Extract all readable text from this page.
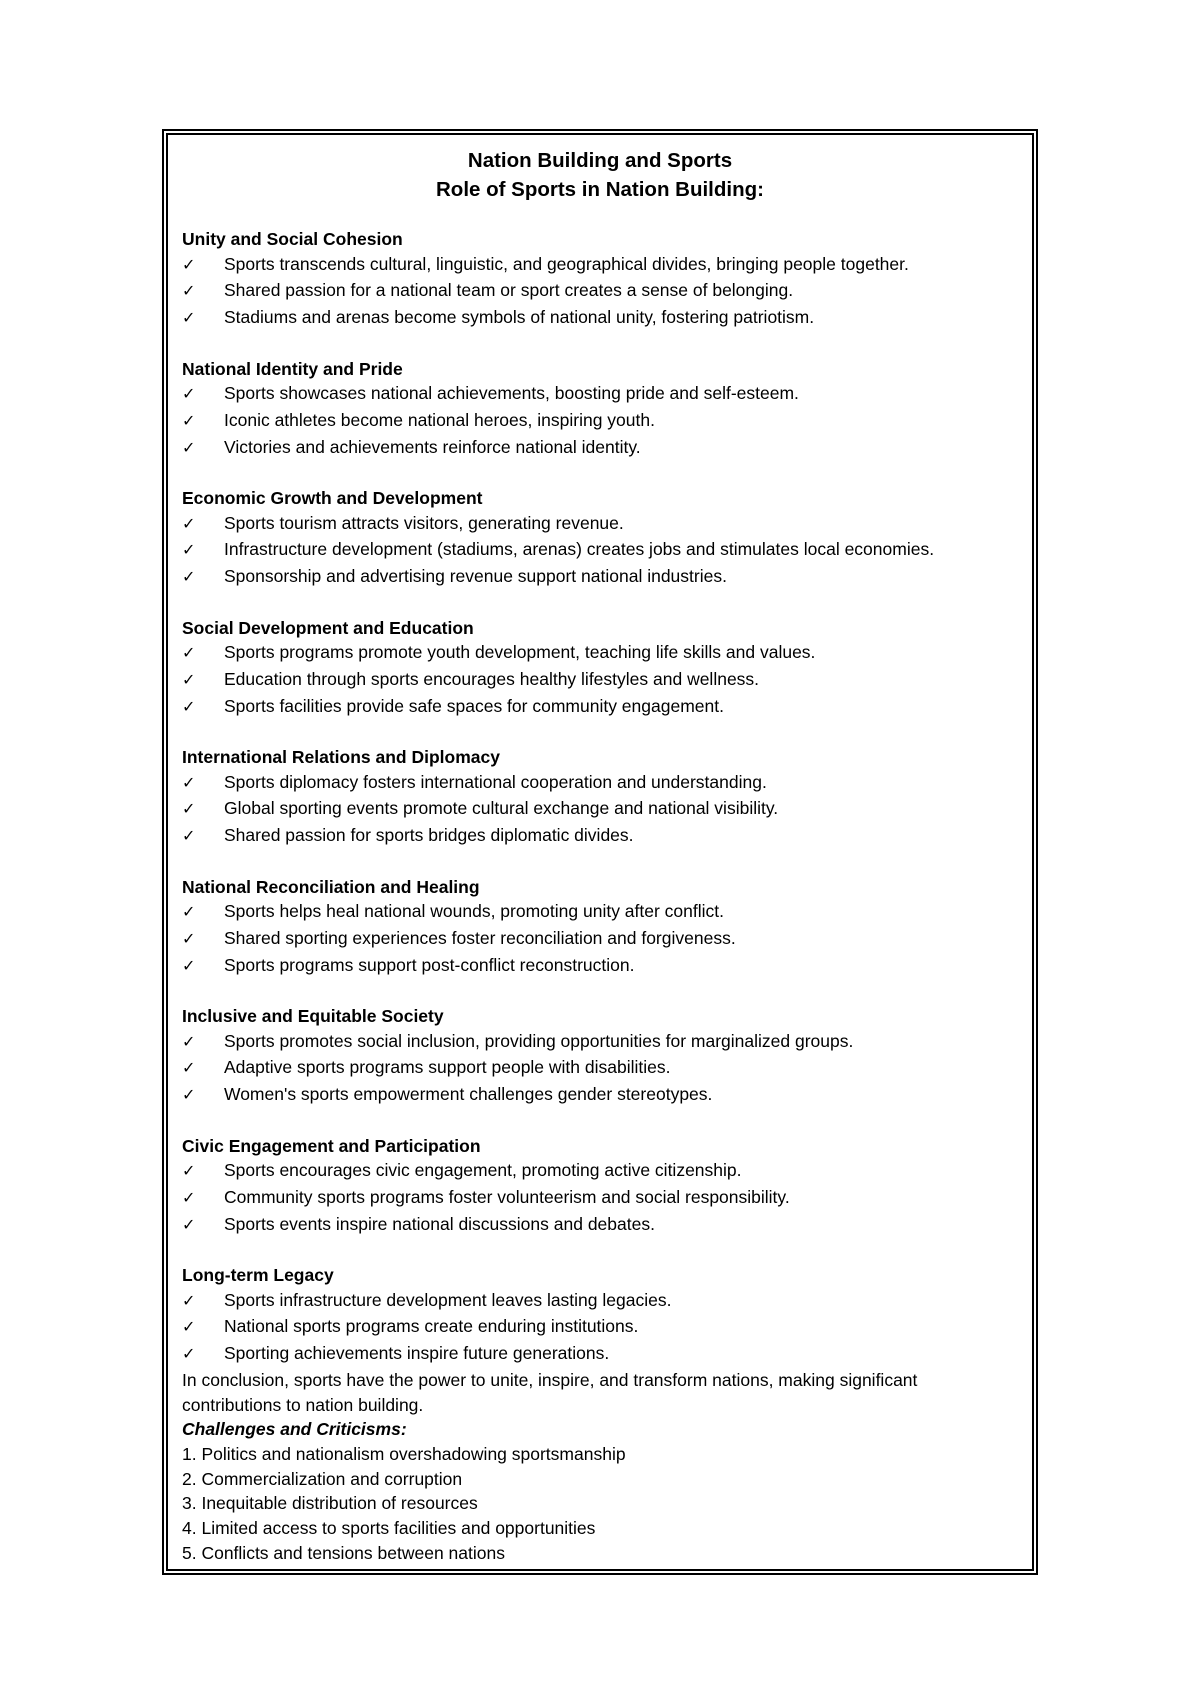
Nation Building and Sports

Role of Sports in Nation Building:

Unity and Social Cohesion

✓	Sports transcends cultural, linguistic, and geographical divides, bringing people together.
✓	Shared passion for a national team or sport creates a sense of belonging.
✓	Stadiums and arenas become symbols of national unity, fostering patriotism.

National Identity and Pride

✓	Sports showcases national achievements, boosting pride and self-esteem.
✓	Iconic athletes become national heroes, inspiring youth.
✓	Victories and achievements reinforce national identity.

Economic Growth and Development

✓	Sports tourism attracts visitors, generating revenue.
✓	Infrastructure development (stadiums, arenas) creates jobs and stimulates local economies.
✓	Sponsorship and advertising revenue support national industries.

Social Development and Education

✓	Sports programs promote youth development, teaching life skills and values.
✓	Education through sports encourages healthy lifestyles and wellness.
✓	Sports facilities provide safe spaces for community engagement.

International Relations and Diplomacy

✓	Sports diplomacy fosters international cooperation and understanding.
✓	Global sporting events promote cultural exchange and national visibility.
✓	Shared passion for sports bridges diplomatic divides.

National Reconciliation and Healing

✓	Sports helps heal national wounds, promoting unity after conflict.
✓	Shared sporting experiences foster reconciliation and forgiveness.
✓	Sports programs support post-conflict reconstruction.

Inclusive and Equitable Society

✓	Sports promotes social inclusion, providing opportunities for marginalized groups.
✓	Adaptive sports programs support people with disabilities.
✓	Women's sports empowerment challenges gender stereotypes.

Civic Engagement and Participation

✓	Sports encourages civic engagement, promoting active citizenship.
✓	Community sports programs foster volunteerism and social responsibility.
✓	Sports events inspire national discussions and debates.

Long-term Legacy

✓	Sports infrastructure development leaves lasting legacies.
✓	National sports programs create enduring institutions.
✓	Sporting achievements inspire future generations.

In conclusion, sports have the power to unite, inspire, and transform nations, making significant contributions to nation building.

Challenges and Criticisms:

1. Politics and nationalism overshadowing sportsmanship
2. Commercialization and corruption
3. Inequitable distribution of resources
4. Limited access to sports facilities and opportunities
5. Conflicts and tensions between nations
